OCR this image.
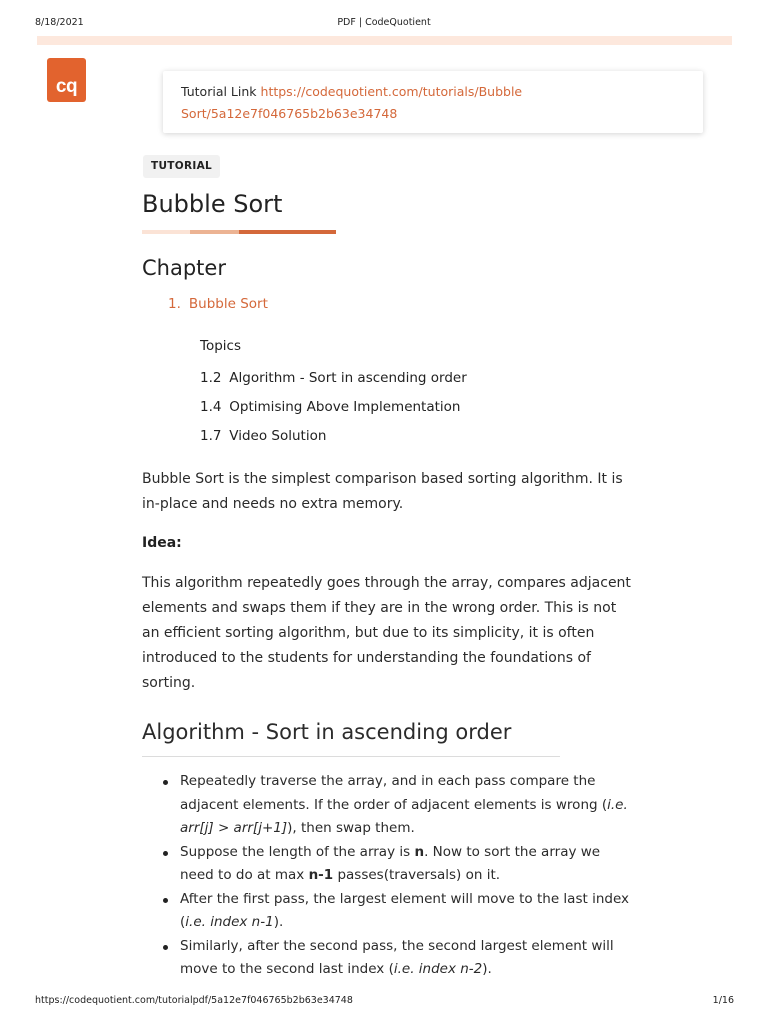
8/18/2021	PDF | CodeQuotient
cq	Tutorial Link https://codequotient.com/tutorials/Bubble
Sort/5a12e7f046765b2b63e34748
TUTORIAL
Bubble Sort
Chapter
1. Bubble Sort
Topics
1.2 Algorithm - Sort in ascending order
1.4 Optimising Above Implementation
1.7 Video Solution

Bubble Sort is the simplest comparison based sorting algorithm. It is in-place and needs no extra memory.

Idea:

This algorithm repeatedly goes through the array, compares adjacent elements and swaps them if they are in the wrong order. This is not an efficient sorting algorithm, but due to its simplicity, it is often introduced to the students for understanding the foundations of sorting.

Algorithm - Sort in ascending order
Repeatedly traverse the array, and in each pass compare the adjacent elements. If the order of adjacent elements is wrong (i.e. arr[j] > arr[j+1]), then swap them.
Suppose the length of the array is n. Now to sort the array we need to do at max n-1 passes(traversals) on it.
After the first pass, the largest element will move to the last index (i.e. index n-1).
Similarly, after the second pass, the second largest element will move to the second last index (i.e. index n-2).
https://codequotient.com/tutorialpdf/5a12e7f046765b2b63e34748	1/16
